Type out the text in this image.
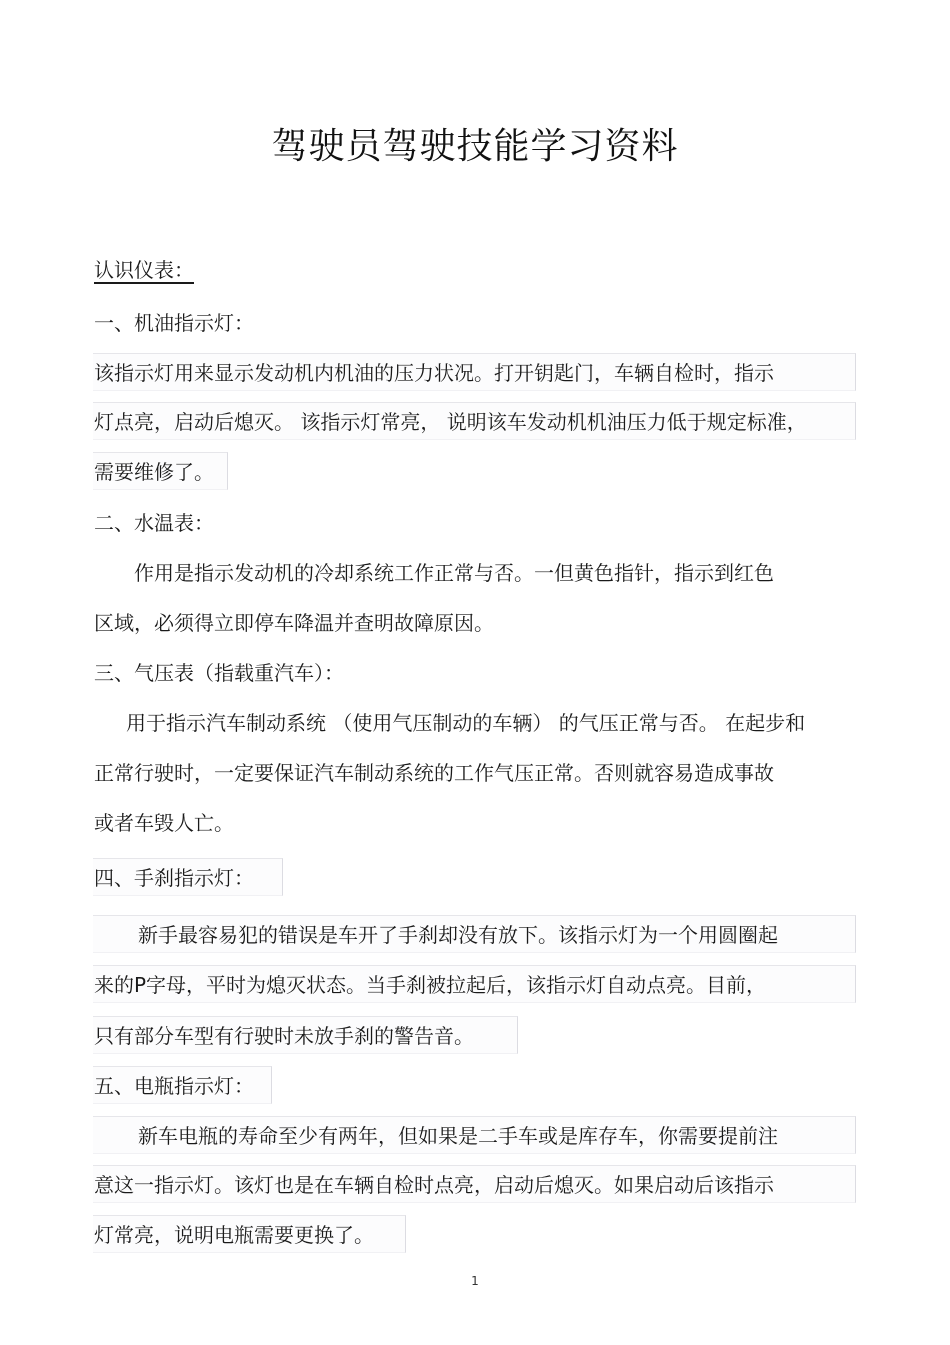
驾驶员驾驶技能学习资料
认识仪表：
一、机油指示灯：
该指示灯用来显示发动机内机油的压力状况。打开钥匙门，车辆自检时，指示
灯点亮，启动后熄灭。 该指示灯常亮， 说明该车发动机机油压力低于规定标准，
需要维修了。
二、水温表：
作用是指示发动机的冷却系统工作正常与否。一但黄色指针，指示到红色
区域，必须得立即停车降温并查明故障原因。
三、气压表（指载重汽车）：
用于指示汽车制动系统 （使用气压制动的车辆） 的气压正常与否。 在起步和
正常行驶时，一定要保证汽车制动系统的工作气压正常。否则就容易造成事故
或者车毁人亡。
四、手刹指示灯：
新手最容易犯的错误是车开了手刹却没有放下。该指示灯为一个用圆圈起
来的P字母，平时为熄灭状态。当手刹被拉起后，该指示灯自动点亮。目前，
只有部分车型有行驶时未放手刹的警告音。
五、电瓶指示灯：
新车电瓶的寿命至少有两年，但如果是二手车或是库存车，你需要提前注
意这一指示灯。该灯也是在车辆自检时点亮，启动后熄灭。如果启动后该指示
灯常亮，说明电瓶需要更换了。
1
